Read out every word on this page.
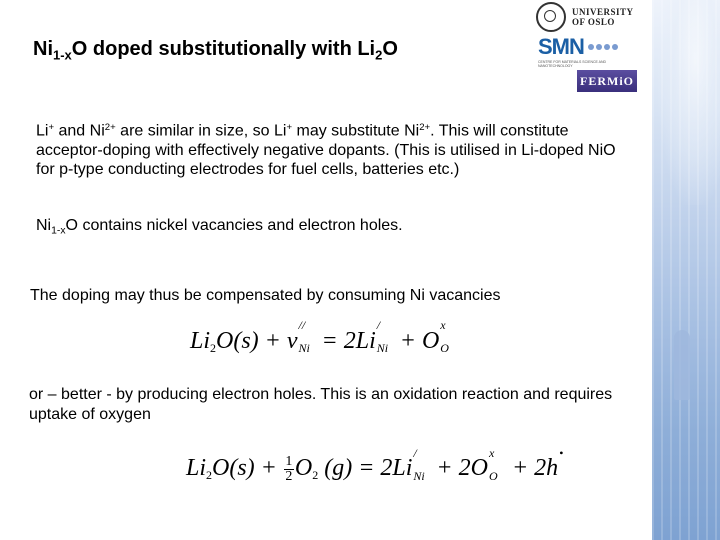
UNIVERSITY
OF OSLO
SMN
CENTRE FOR MATERIALS SCIENCE AND NANOTECHNOLOGY
FERMiO
$Ni_{1-x}O$ doped substitutionally with $Li_2O$
Li+ and $Ni^{2+}$ are similar in size, so Li+ may substitute $Ni^{2+}$. This will constitute acceptor-doping with effectively negative dopants. (This is utilised in Li-doped NiO for p-type conducting electrodes for fuel cells, batteries etc.)
$Ni_{1-x}O$ contains nickel vacancies and electron holes.
The doping may thus be compensated by consuming Ni vacancies
Li2O(s) + v
//
Ni = 2Li
/
Ni + O
x
O
or – better - by producing electron holes. This is an oxidation reaction and requires uptake of oxygen
$Li2O(s) + \frac{1}{2} O2$ (g) = 2Li
/
Ni + 2O
x
O + 2h
•
